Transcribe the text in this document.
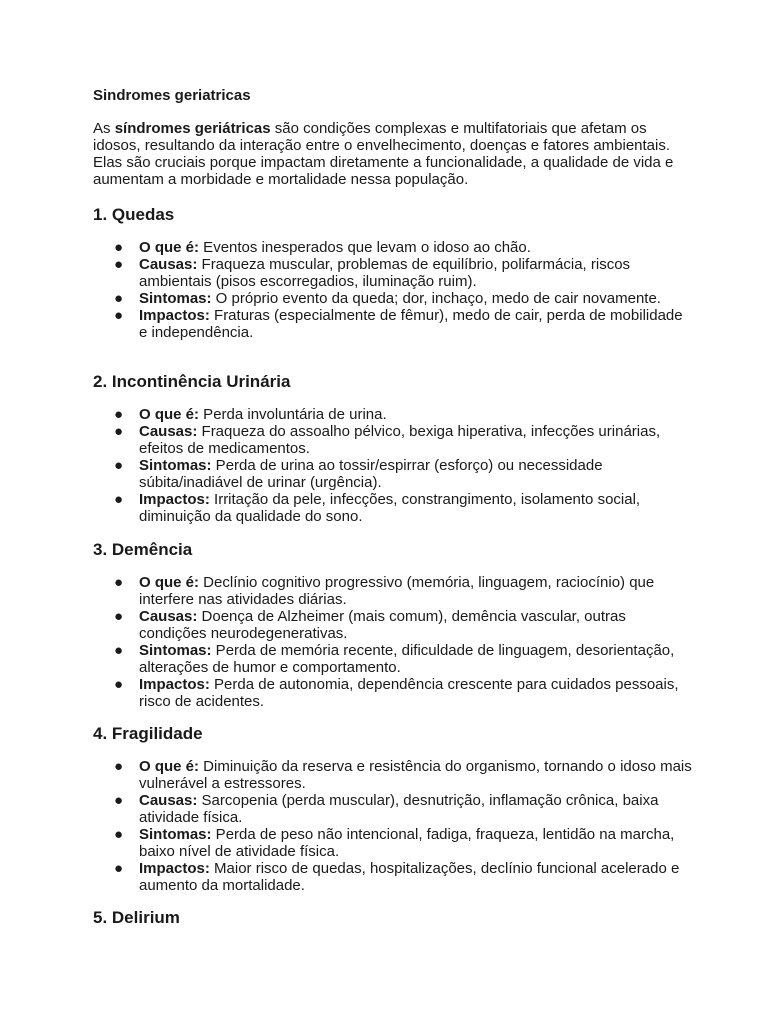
Sindromes geriatricas

As síndromes geriátricas são condições complexas e multifatoriais que afetam os idosos, resultando da interação entre o envelhecimento, doenças e fatores ambientais. Elas são cruciais porque impactam diretamente a funcionalidade, a qualidade de vida e aumentam a morbidade e mortalidade nessa população.

1. Quedas
● O que é: Eventos inesperados que levam o idoso ao chão.
● Causas: Fraqueza muscular, problemas de equilíbrio, polifarmácia, riscos ambientais (pisos escorregadios, iluminação ruim).
● Sintomas: O próprio evento da queda; dor, inchaço, medo de cair novamente.
● Impactos: Fraturas (especialmente de fêmur), medo de cair, perda de mobilidade e independência.
2. Incontinência Urinária
● O que é: Perda involuntária de urina.
● Causas: Fraqueza do assoalho pélvico, bexiga hiperativa, infecções urinárias, efeitos de medicamentos.
● Sintomas: Perda de urina ao tossir/espirrar (esforço) ou necessidade súbita/inadiável de urinar (urgência).
● Impactos: Irritação da pele, infecções, constrangimento, isolamento social, diminuição da qualidade do sono.
3. Demência
● O que é: Declínio cognitivo progressivo (memória, linguagem, raciocínio) que interfere nas atividades diárias.
● Causas: Doença de Alzheimer (mais comum), demência vascular, outras condições neurodegenerativas.
● Sintomas: Perda de memória recente, dificuldade de linguagem, desorientação, alterações de humor e comportamento.
● Impactos: Perda de autonomia, dependência crescente para cuidados pessoais, risco de acidentes.
4. Fragilidade
● O que é: Diminuição da reserva e resistência do organismo, tornando o idoso mais vulnerável a estressores.
● Causas: Sarcopenia (perda muscular), desnutrição, inflamação crônica, baixa atividade física.
● Sintomas: Perda de peso não intencional, fadiga, fraqueza, lentidão na marcha, baixo nível de atividade física.
● Impactos: Maior risco de quedas, hospitalizações, declínio funcional acelerado e aumento da mortalidade.
5. Delirium
